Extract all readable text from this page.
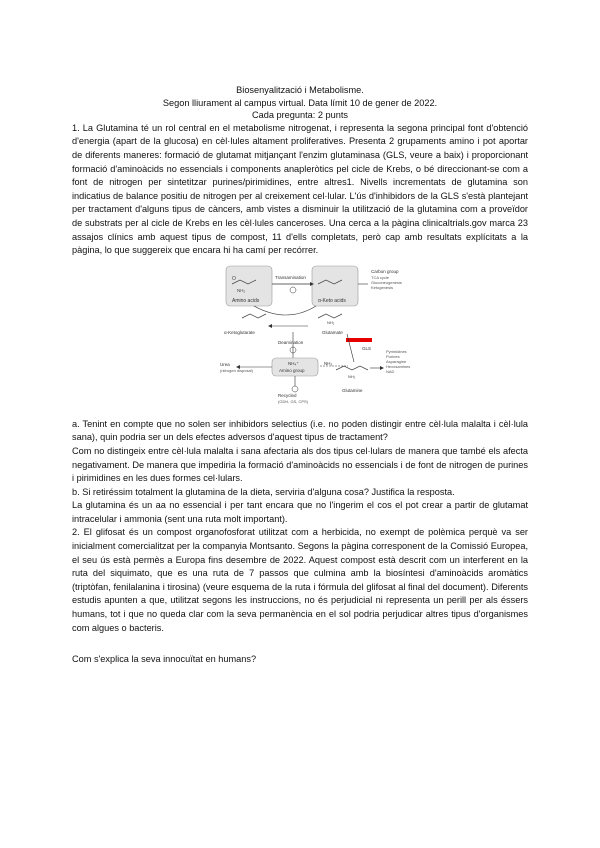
Biosenyalització i Metabolisme.
Segon lliurament al campus virtual. Data límit 10 de gener de 2022.
Cada pregunta: 2 punts

1. La Glutamina té un rol central en el metabolisme nitrogenat, i representa la segona principal font d'obtenció d'energia (apart de la glucosa) en cèl·lules altament proliferatives. Presenta 2 grupaments amino i pot aportar de diferents maneres: formació de glutamat mitjançant l'enzim glutaminasa (GLS, veure a baix) i proporcionant formació d'aminoàcids no essencials i components anapleròtics pel cicle de Krebs, o bé direccionant-se com a font de nitrogen per sintetitzar purines/pirimidines, entre altres1. Nivells incrementats de glutamina son indicatius de balance positiu de nitrogen per al creixement cel·lular. L'ús d'inhibidors de la GLS s'està plantejant per tractament d'alguns tipus de càncers, amb vistes a disminuir la utilització de la glutamina com a proveïdor de substrats per al cicle de Krebs en les cèl·lules canceroses. Una cerca a la pàgina clinicaltrials.gov marca 23 assajos clínics amb aquest tipus de compost, 11 d'ells completats, però cap amb resultats explícitats a la pàgina, lo que suggereix que encara hi ha camí per recórrer.

O
NH₂
Amino acids	α-Keto acids
Transamination
Carbon group
TCA cycle
Gluconeogenesis
Ketogenesis
α-Ketoglutarate
NH₂
Glutamate
Deamination
GLS
NH₄⁺
Amino group
NH₃
Urea
(nitrogen disposal)
Recycled
(GDH, GS, CPS)
NH₂
Glutamine
Pyrimidines
Purines
Asparagine
Hexosamines
NAD

a. Tenint en compte que no solen ser inhibidors selectius (i.e. no poden distingir entre cèl·lula malalta i cèl·lula sana), quin podria ser un dels efectes adversos d'aquest tipus de tractament?

Com no distingeix entre cèl·lula malalta i sana afectaria als dos tipus cel·lulars de manera que també els afecta negativament. De manera que impediria la formació d'aminoàcids no essencials i de font de nitrogen de purines i pirimidines en les dues formes cel·lulars.

b. Si retiréssim totalment la glutamina de la dieta, serviria d'alguna cosa? Justifica la resposta.

La glutamina és un aa no essencial i per tant encara que no l'ingerim el cos el pot crear a partir de glutamat intracelular i ammonia (sent una ruta molt important).

2. El glifosat és un compost organofosforat utilitzat com a herbicida, no exempt de polèmica perquè va ser inicialment comercialitzat per la companyia Montsanto. Segons la pàgina corresponent de la Comissió Europea, el seu ús està permès a Europa fins desembre de 2022. Aquest compost està descrit com un interferent en la ruta del siquimato, que es una ruta de 7 passos que culmina amb la biosíntesi d'aminoàcids aromàtics (triptòfan, fenilalanina i tirosina) (veure esquema de la ruta i fórmula del glifosat al final del document). Diferents estudis apunten a que, utilitzat segons les instruccions, no és perjudicial ni representa un perill per als éssers humans, tot i que no queda clar com la seva permanència en el sol podria perjudicar altres tipus d'organismes com algues o bacteris.

Com s'explica la seva innocuïtat en humans?
